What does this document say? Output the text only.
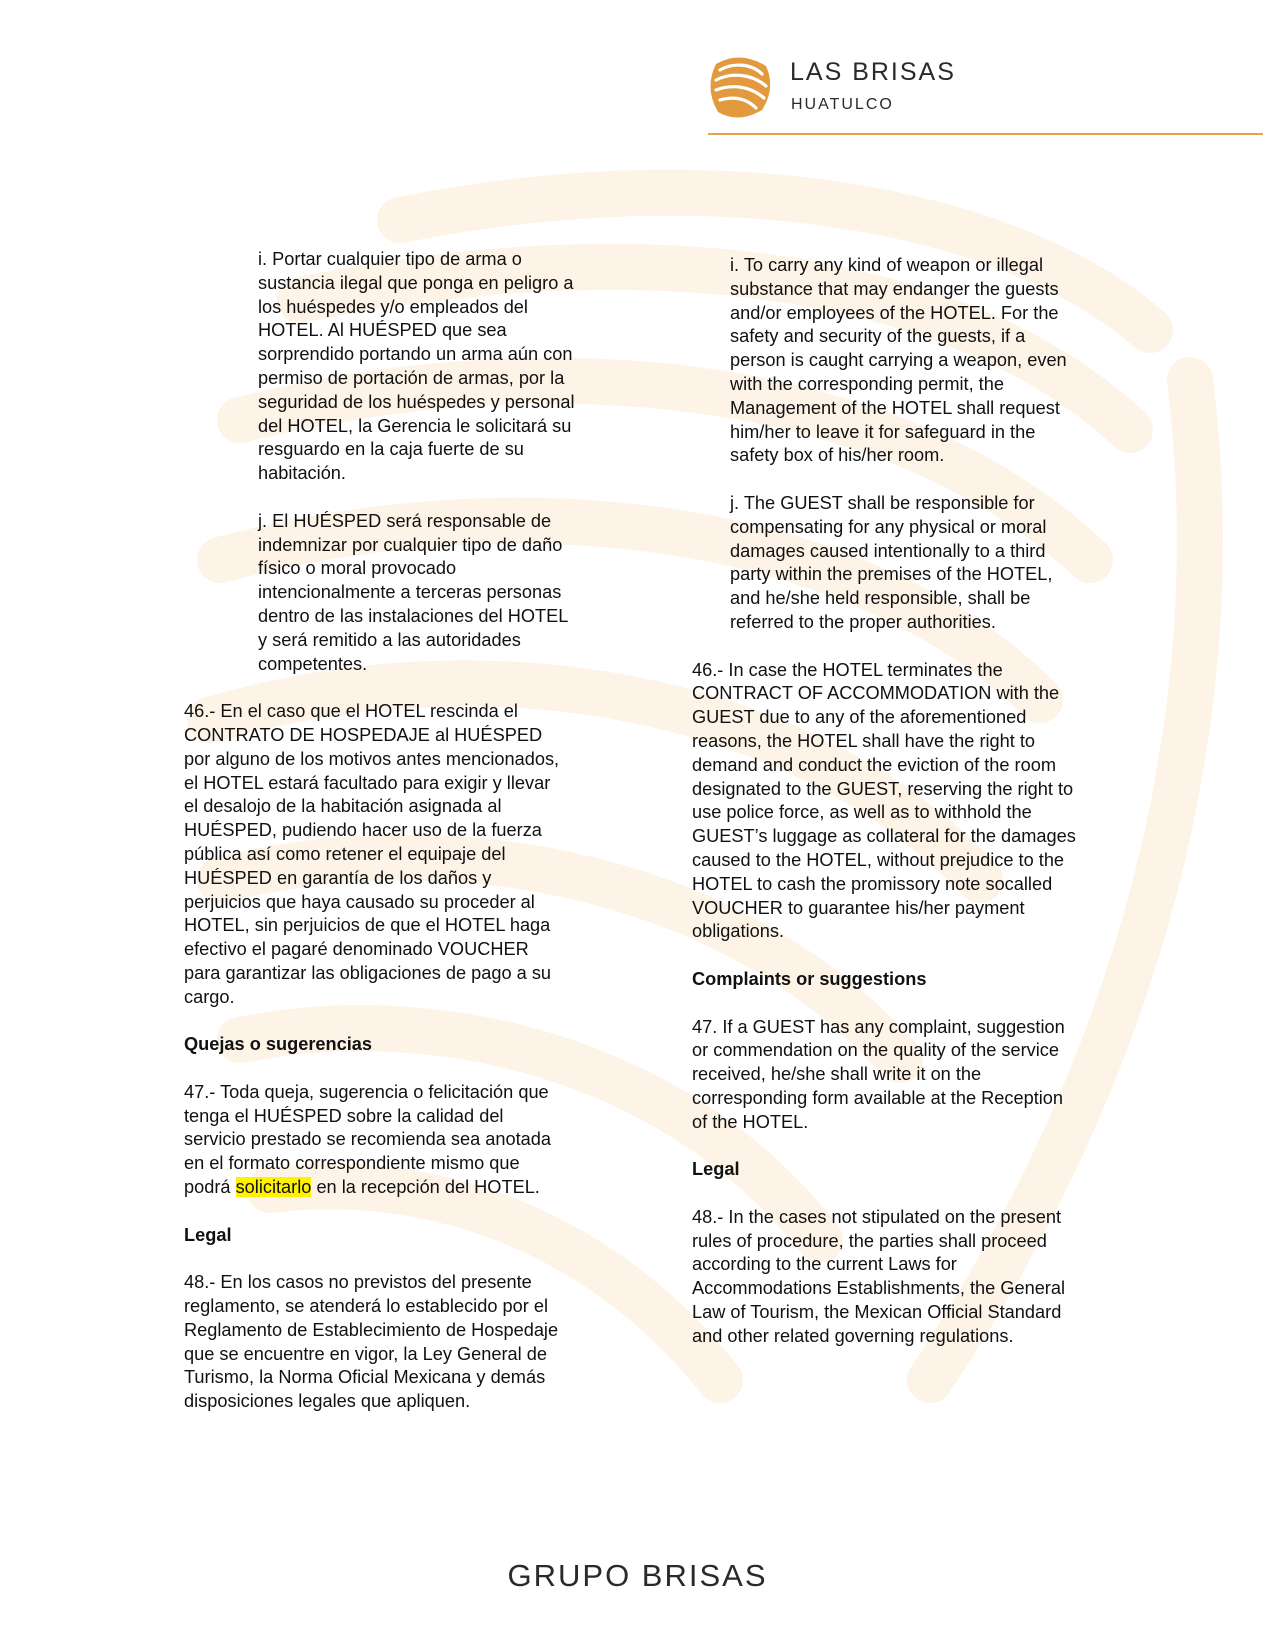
LAS BRISAS
HUATULCO

i. Portar cualquier tipo de arma o
sustancia ilegal que ponga en peligro a
los huéspedes y/o empleados del
HOTEL. Al HUÉSPED que sea
sorprendido portando un arma aún con
permiso de portación de armas, por la
seguridad de los huéspedes y personal
del HOTEL, la Gerencia le solicitará su
resguardo en la caja fuerte de su
habitación.

j. El HUÉSPED será responsable de
indemnizar por cualquier tipo de daño
físico o moral provocado
intencionalmente a terceras personas
dentro de las instalaciones del HOTEL
y será remitido a las autoridades
competentes.

46.- En el caso que el HOTEL rescinda el
CONTRATO DE HOSPEDAJE al HUÉSPED
por alguno de los motivos antes mencionados,
el HOTEL estará facultado para exigir y llevar
el desalojo de la habitación asignada al
HUÉSPED, pudiendo hacer uso de la fuerza
pública así como retener el equipaje del
HUÉSPED en garantía de los daños y
perjuicios que haya causado su proceder al
HOTEL, sin perjuicios de que el HOTEL haga
efectivo el pagaré denominado VOUCHER
para garantizar las obligaciones de pago a su
cargo.

Quejas o sugerencias

47.- Toda queja, sugerencia o felicitación que
tenga el HUÉSPED sobre la calidad del
servicio prestado se recomienda sea anotada
en el formato correspondiente mismo que
podrá solicitarlo en la recepción del HOTEL.

Legal

48.- En los casos no previstos del presente
reglamento, se atenderá lo establecido por el
Reglamento de Establecimiento de Hospedaje
que se encuentre en vigor, la Ley General de
Turismo, la Norma Oficial Mexicana y demás
disposiciones legales que apliquen.

i. To carry any kind of weapon or illegal
substance that may endanger the guests
and/or employees of the HOTEL. For the
safety and security of the guests, if a
person is caught carrying a weapon, even
with the corresponding permit, the
Management of the HOTEL shall request
him/her to leave it for safeguard in the
safety box of his/her room.

j. The GUEST shall be responsible for
compensating for any physical or moral
damages caused intentionally to a third
party within the premises of the HOTEL,
and he/she held responsible, shall be
referred to the proper authorities.

46.- In case the HOTEL terminates the
CONTRACT OF ACCOMMODATION with the
GUEST due to any of the aforementioned
reasons, the HOTEL shall have the right to
demand and conduct the eviction of the room
designated to the GUEST, reserving the right to
use police force, as well as to withhold the
GUEST’s luggage as collateral for the damages
caused to the HOTEL, without prejudice to the
HOTEL to cash the promissory note socalled
VOUCHER to guarantee his/her payment
obligations.

Complaints or suggestions

47. If a GUEST has any complaint, suggestion
or commendation on the quality of the service
received, he/she shall write it on the
corresponding form available at the Reception
of the HOTEL.

Legal

48.- In the cases not stipulated on the present
rules of procedure, the parties shall proceed
according to the current Laws for
Accommodations Establishments, the General
Law of Tourism, the Mexican Official Standard
and other related governing regulations.

GRUPO BRISAS
